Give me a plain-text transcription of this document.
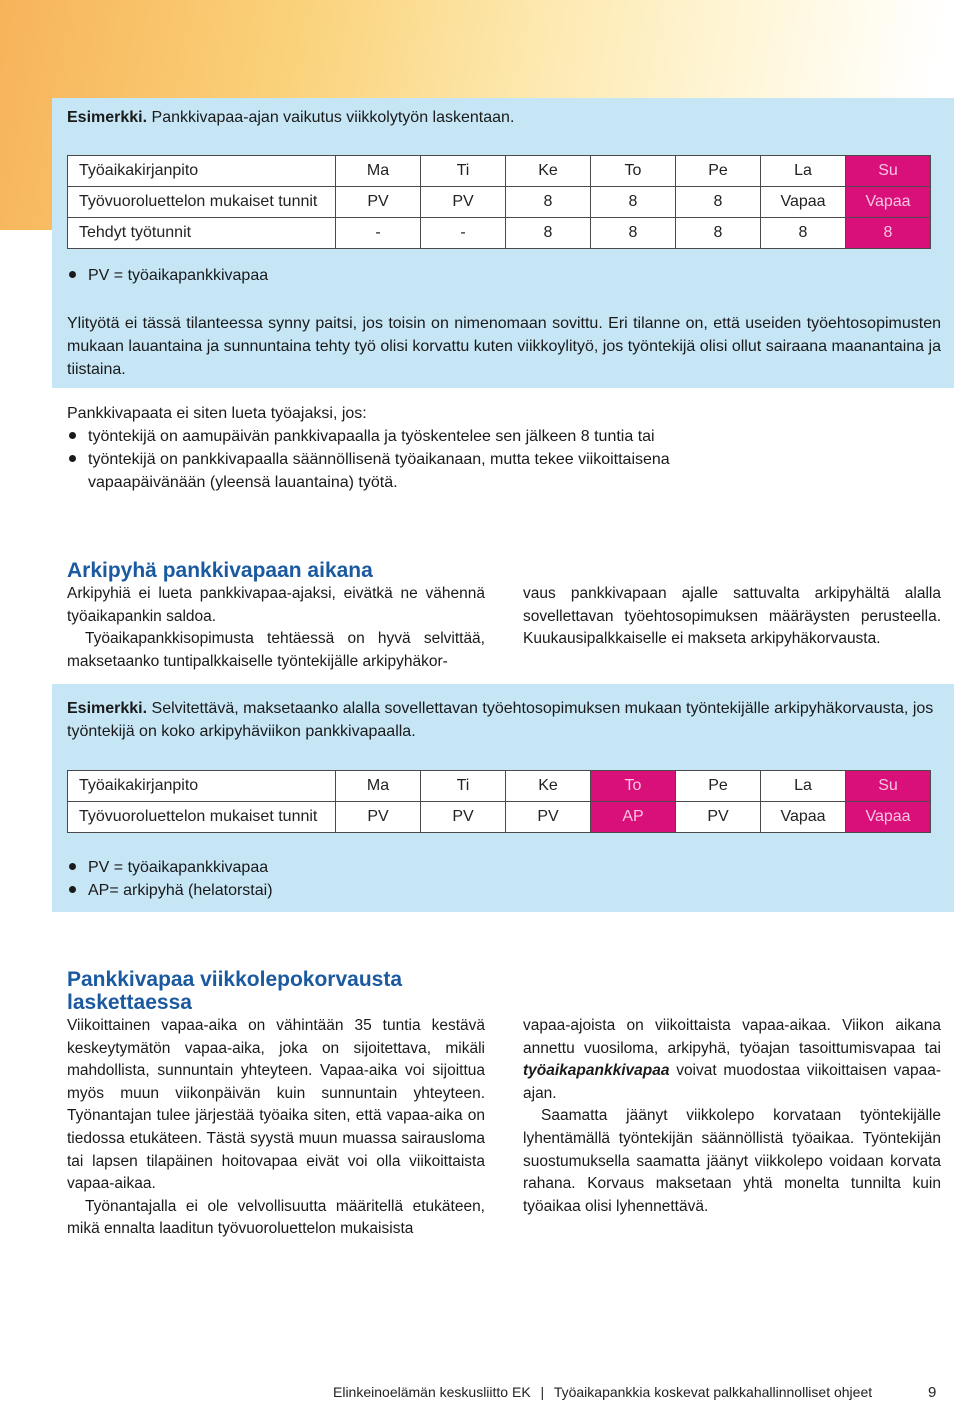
Esimerkki. Pankkivapaa-ajan vaikutus viikkolytyön laskentaan.

Työaikakirjanpito	Ma	Ti	Ke	To	Pe	La	Su
Työvuoroluettelon mukaiset tunnit	PV	PV	8	8	8	Vapaa	Vapaa
Tehdyt työtunnit	-	-	8	8	8	8	8
PV = työaikapankkivapaa

Ylityötä ei tässä tilanteessa synny paitsi, jos toisin on nimenomaan sovittu. Eri tilanne on, että useiden työehtosopimusten mukaan lauantaina ja sunnuntaina tehty työ olisi korvattu kuten viikkoylityö, jos työntekijä olisi ollut sairaana maanantaina ja tiistaina.

Pankkivapaata ei siten lueta työajaksi, jos:

työntekijä on aamupäivän pankkivapaalla ja työskentelee sen jälkeen 8 tuntia tai
työntekijä on pankkivapaalla säännöllisenä työaikanaan, mutta tekee viikoittaisena vapaapäivänään (yleensä lauantaina) työtä.
Arkipyhä pankkivapaan aikana

Arkipyhiä ei lueta pankkivapaa-ajaksi, eivätkä ne vähennä työaikapankin saldoa.

Työaikapankkisopimusta tehtäessä on hyvä selvittää, maksetaanko tuntipalkkaiselle työntekijälle arkipyhäkor-

vaus pankkivapaan ajalle sattuvalta arkipyhältä alalla sovellettavan työehtosopimuksen määräysten perusteella. Kuukausipalkkaiselle ei makseta arkipyhäkorvausta.

Esimerkki. Selvitettävä, maksetaanko alalla sovellettavan työehtosopimuksen mukaan työntekijälle arkipyhäkorvausta, jos työntekijä on koko arkipyhäviikon pankkivapaalla.

Työaikakirjanpito	Ma	Ti	Ke	To	Pe	La	Su
Työvuoroluettelon mukaiset tunnit	PV	PV	PV	AP	PV	Vapaa	Vapaa
PV = työaikapankkivapaa
AP= arkipyhä (helatorstai)
Pankkivapaa viikkolepokorvausta
laskettaessa

Viikoittainen vapaa-aika on vähintään 35 tuntia kestävä keskeytymätön vapaa-aika, joka on sijoitettava, mikäli mahdollista, sunnuntain yhteyteen. Vapaa-aika voi sijoittua myös muun viikonpäivän kuin sunnuntain yhteyteen. Työnantajan tulee järjestää työaika siten, että vapaa-aika on tiedossa etukäteen. Tästä syystä muun muassa sairausloma tai lapsen tilapäinen hoitovapaa eivät voi olla viikoittaista vapaa-aikaa.

Työnantajalla ei ole velvollisuutta määritellä etukäteen, mikä ennalta laaditun työvuoroluettelon mukaisista

vapaa-ajoista on viikoittaista vapaa-aikaa. Viikon aikana annettu vuosiloma, arkipyhä, työajan tasoittumisvapaa tai työaikapankkivapaa voivat muodostaa viikoittaisen vapaa-ajan.

Saamatta jäänyt viikkolepo korvataan työntekijälle lyhentämällä työntekijän säännöllistä työaikaa. Työntekijän suostumuksella saamatta jäänyt viikkolepo voidaan korvata rahana. Korvaus maksetaan yhtä monelta tunnilta kuin työaikaa olisi lyhennettävä.

Elinkeinoelämän keskusliitto EK | Työaikapankkia koskevat palkkahallinnolliset ohjeet	9
